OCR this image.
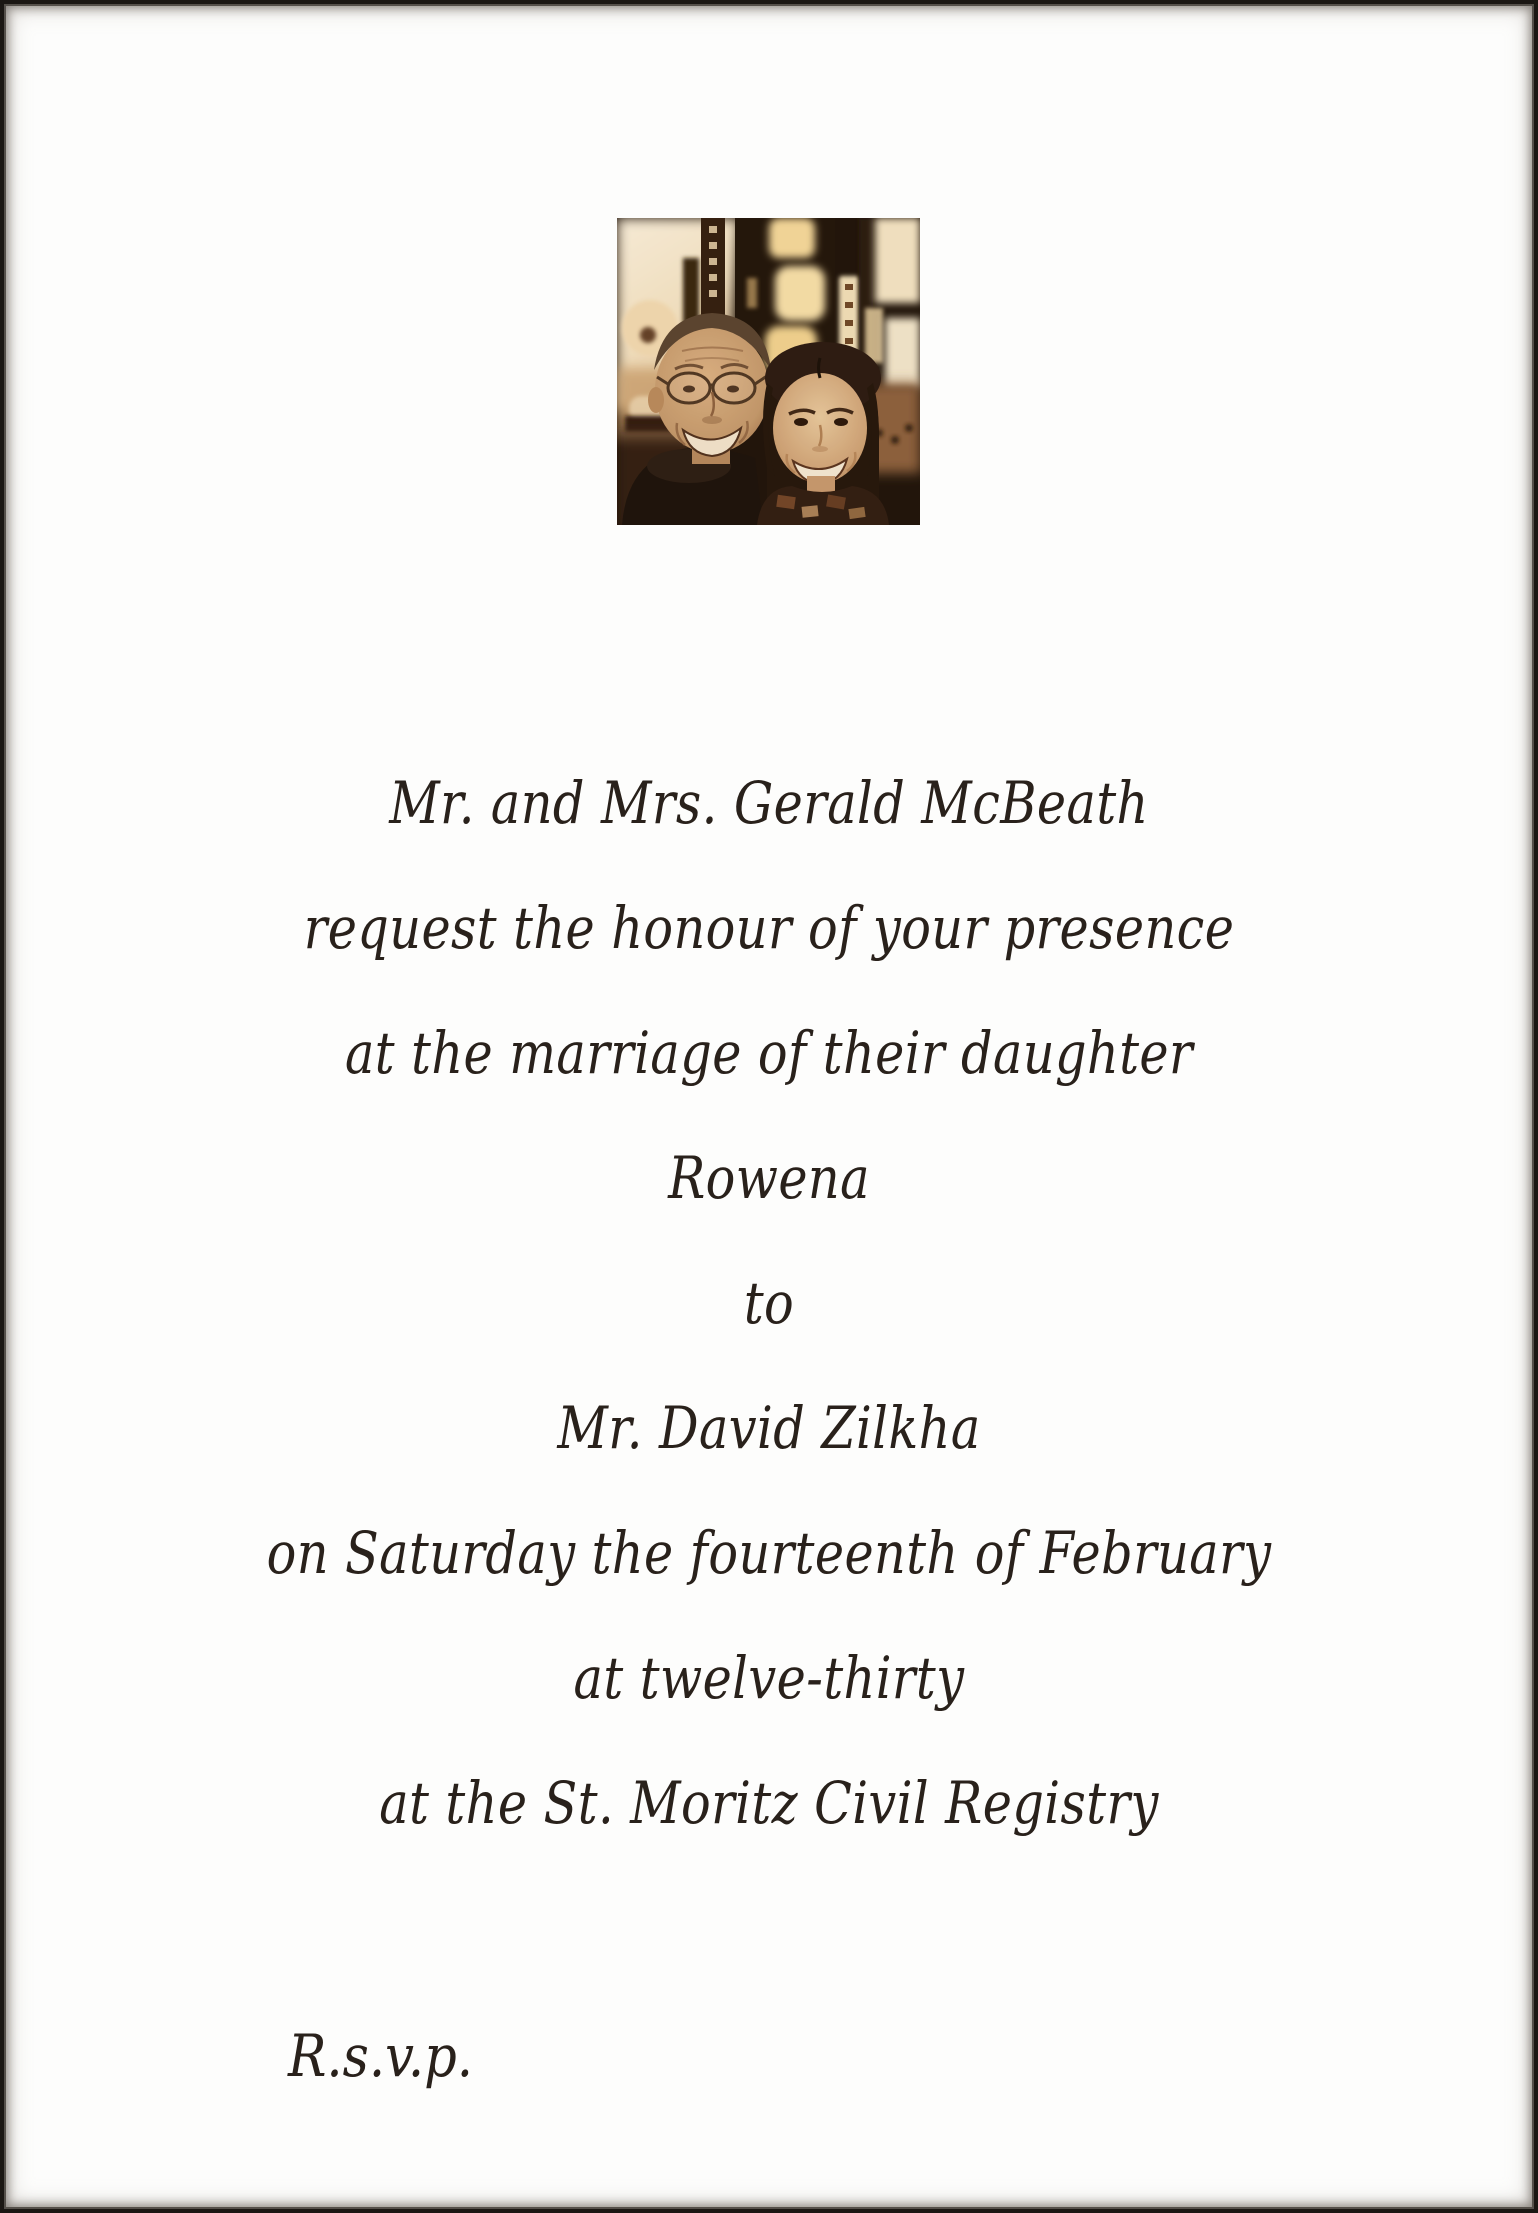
Mr. and Mrs. Gerald McBeath
request the honour of your presence
at the marriage of their daughter
Rowena
to
Mr. David Zilkha
on Saturday the fourteenth of February
at twelve-thirty
at the St. Moritz Civil Registry
R.s.v.p.
